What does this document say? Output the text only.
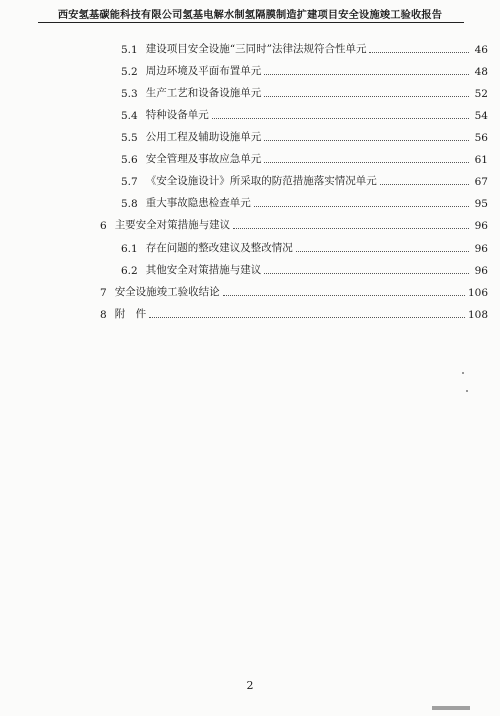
西安氢基碳能科技有限公司氢基电解水制氢隔膜制造扩建项目安全设施竣工验收报告
5.1 建设项目安全设施“三同时”法律法规符合性单元	46
5.2 周边环境及平面布置单元	48
5.3 生产工艺和设备设施单元	52
5.4 特种设备单元	54
5.5 公用工程及辅助设施单元	56
5.6 安全管理及事故应急单元	61
5.7 《安全设施设计》所采取的防范措施落实情况单元	67
5.8 重大事故隐患检查单元	95
6 主要安全对策措施与建议	96
6.1 存在问题的整改建议及整改情况	96
6.2 其他安全对策措施与建议	96
7 安全设施竣工验收结论	106
8 附　件	108
2
